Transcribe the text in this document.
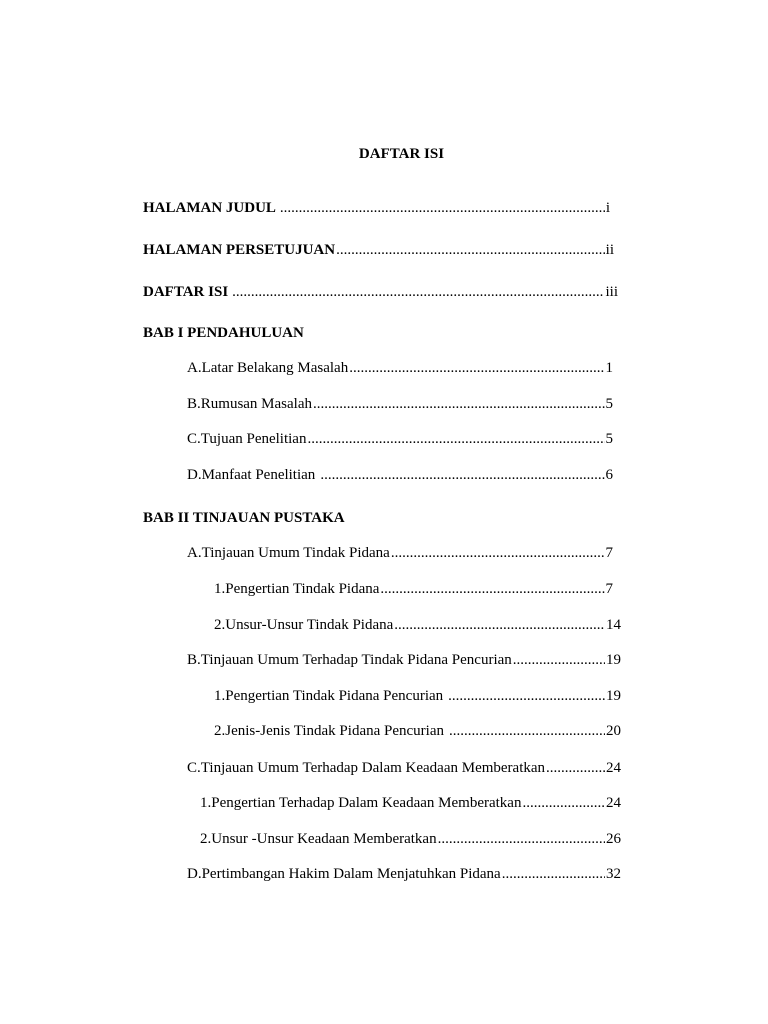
DAFTAR ISI
HALAMAN JUDUL .....	i
HALAMAN PERSETUJUAN .....	ii
DAFTAR ISI .....	iii
BAB I PENDAHULUAN
A. Latar Belakang Masalah .....	1
B. Rumusan Masalah .....	5
C. Tujuan Penelitian .....	5
D. Manfaat Penelitian .....	6
BAB II TINJAUAN PUSTAKA
A. Tinjauan Umum Tindak Pidana .....	7
1. Pengertian Tindak Pidana .....	7
2. Unsur-Unsur Tindak Pidana .....	14
B. Tinjauan Umum Terhadap Tindak Pidana Pencurian .....	19
1. Pengertian Tindak Pidana Pencurian .....	19
2. Jenis-Jenis Tindak Pidana Pencurian .....	20
C. Tinjauan Umum Terhadap Dalam Keadaan Memberatkan .....	24
1. Pengertian Terhadap Dalam Keadaan Memberatkan .....	24
2. Unsur -Unsur Keadaan Memberatkan .....	26
D. Pertimbangan Hakim Dalam Menjatuhkan Pidana .....	32
